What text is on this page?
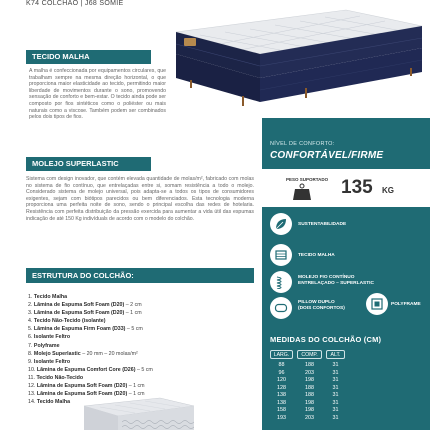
K74 COLCHÃO | J68 SOMIÊ
TECIDO MALHA

A malha é confeccionada por equipamentos circulares, que trabalham sempre na mesma direção horizontal, o que proporciona maior elasticidade ao tecido, permitindo maior liberdade de movimentos durante o sono, promovendo sensação de conforto e bem-estar. O tecido ainda pode ser composto por fios sintéticos como o poliéster ou mais naturais como a viscose. Também podem ser combinados pelos dois tipos de fios.

MOLEJO SUPERLASTIC

Sistema com design inovador, que contém elevada quantidade de molas/m², fabricado com molas no sistema de fio contínuo, que entrelaçadas entre si, somam resistência a todo o molejo. Considerado sistema de molejo universal, pois adapta-se a todos os tipos de consumidores exigentes, sejam com biótipos parecidos ou bem diferenciados. Esta tecnologia moderna proporciona uma perfeita noite de sono, sendo o principal escolha das redes de hotelaria. Resistência com perfeita distribuição da pressão exercida para aumentar a vida útil das espumas indicação de até 150 Kg indivíduals de acordo com o modelo do colchão.

ESTRUTURA DO COLCHÃO:
1. Tecido Malha
2. Lâmina de Espuma Soft Foam (D20) – 2 cm
3. Lâmina de Espuma Soft Foam (D20) – 1 cm
4. Tecido Não-Tecido (isolante)
5. Lâmina de Espuma Firm Foam (D33) – 5 cm
6. Isolante Feltro
7. Polyframe
8. Molejo Superlastic – 20 mm – 20 molas/m²
9. Isolante Feltro
10. Lâmina de Espuma Comfort Core (D26) – 5 cm
11. Tecido Não-Tecido
12. Lâmina de Espuma Soft Foam (D20) – 1 cm
13. Lâmina de Espuma Soft Foam (D20) – 1 cm
14. Tecido Malha
NÍVEL DE CONFORTO:
CONFORTÁVEL/FIRME
PESO SUPORTADO 135 KG
SUSTENTABILIDADE
TECIDO MALHA
MOLEJO FIO CONTÍNUO
ENTRELAÇADO – SUPERLASTIC
PILLOW DUPLO
(DOIS CONFORTOS)
POLYFRAME
MEDIDAS DO COLCHÃO (CM)
LARG.	COMP.	ALT.
88	188	31
96	203	31
120	198	31
128	188	31
138	188	31
138	198	31
158	198	31
193	203	31
